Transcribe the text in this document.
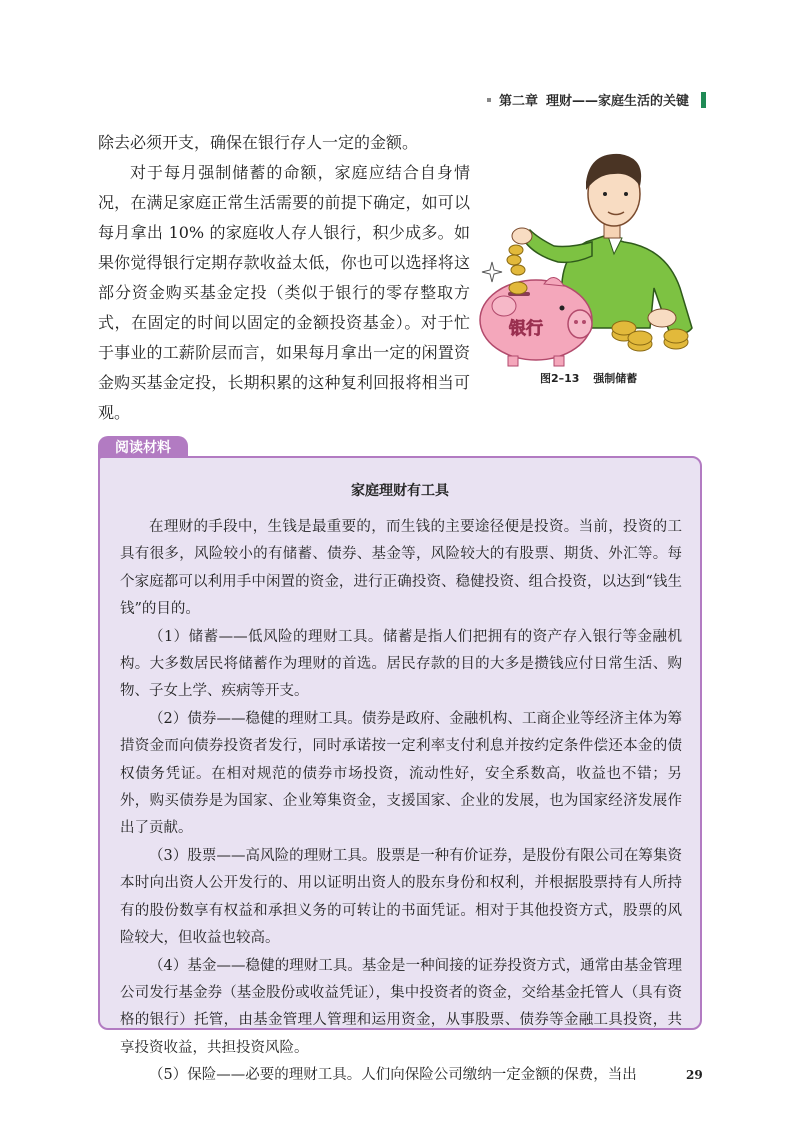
第二章 理财——家庭生活的关键

除去必须开支，确保在银行存人一定的金额。

对于每月强制储蓄的命额，家庭应结合自身情况，在满足家庭正常生活需要的前提下确定，如可以每月拿出 10% 的家庭收人存人银行，积少成多。如果你觉得银行定期存款收益太低，你也可以选择将这部分资金购买基金定投（类似于银行的零存整取方式，在固定的时间以固定的金额投资基金）。对于忙于事业的工薪阶层而言，如果每月拿出一定的闲置资金购买基金定投，长期积累的这种复利回报将相当可观。

银行
图2–13 强制储蓄
阅读材料
家庭理财有工具

在理财的手段中，生钱是最重要的，而生钱的主要途径便是投资。当前，投资的工具有很多，风险较小的有储蓄、债券、基金等，风险较大的有股票、期货、外汇等。每个家庭都可以利用手中闲置的资金，进行正确投资、稳健投资、组合投资，以达到“钱生钱”的目的。

（1）储蓄——低风险的理财工具。储蓄是指人们把拥有的资产存入银行等金融机构。大多数居民将储蓄作为理财的首选。居民存款的目的大多是攒钱应付日常生活、购物、子女上学、疾病等开支。

（2）债券——稳健的理财工具。债券是政府、金融机构、工商企业等经济主体为筹措资金而向债券投资者发行，同时承诺按一定利率支付利息并按约定条件偿还本金的债权债务凭证。在相对规范的债券市场投资，流动性好，安全系数高，收益也不错；另外，购买债券是为国家、企业筹集资金，支援国家、企业的发展，也为国家经济发展作出了贡献。

（3）股票——高风险的理财工具。股票是一种有价证券，是股份有限公司在筹集资本时向出资人公开发行的、用以证明出资人的股东身份和权利，并根据股票持有人所持有的股份数享有权益和承担义务的可转让的书面凭证。相对于其他投资方式，股票的风险较大，但收益也较高。

（4）基金——稳健的理财工具。基金是一种间接的证券投资方式，通常由基金管理公司发行基金券（基金股份或收益凭证），集中投资者的资金，交给基金托管人（具有资格的银行）托管，由基金管理人管理和运用资金，从事股票、债券等金融工具投资，共享投资收益，共担投资风险。

（5）保险——必要的理财工具。人们向保险公司缴纳一定金额的保费，当出	29
